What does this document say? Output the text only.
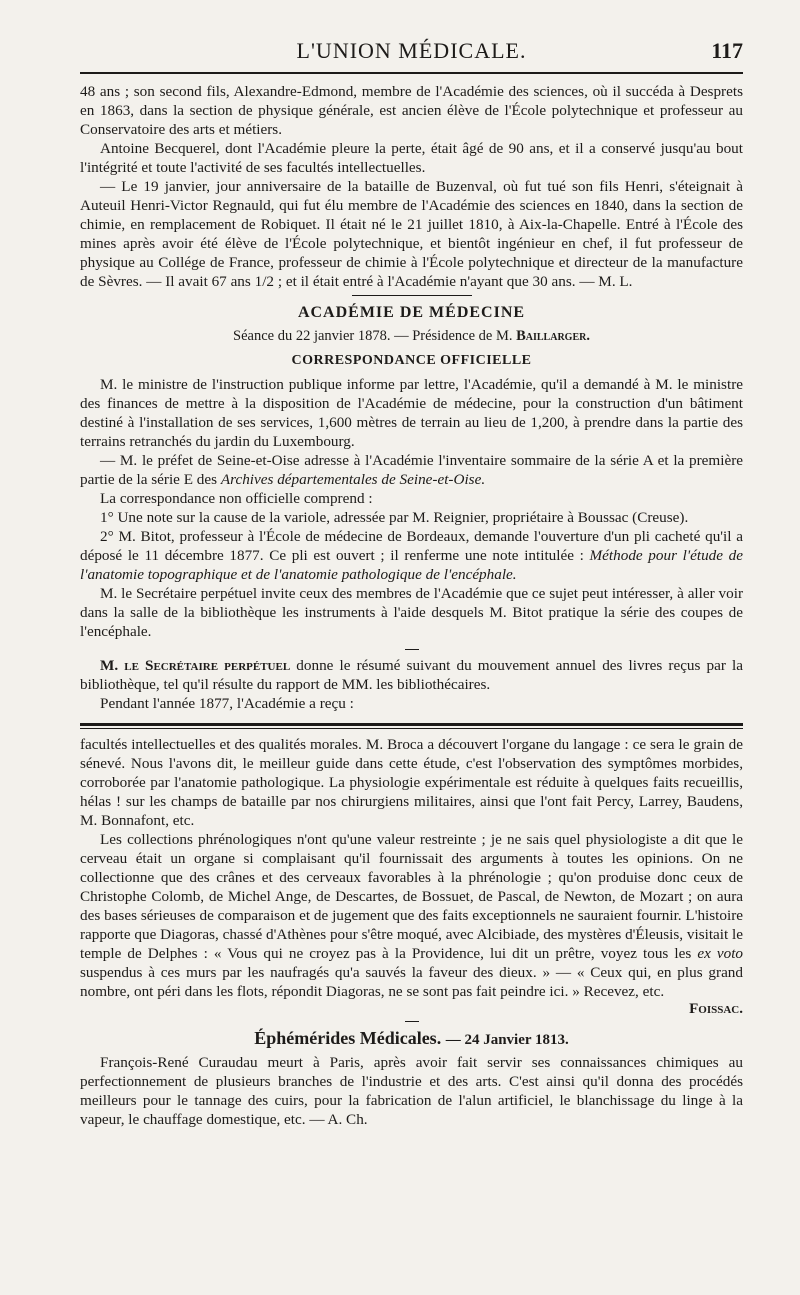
L'UNION MÉDICALE.	117

48 ans ; son second fils, Alexandre-Edmond, membre de l'Académie des sciences, où il succéda à Desprets en 1863, dans la section de physique générale, est ancien élève de l'École polytechnique et professeur au Conservatoire des arts et métiers.

Antoine Becquerel, dont l'Académie pleure la perte, était âgé de 90 ans, et il a conservé jusqu'au bout l'intégrité et toute l'activité de ses facultés intellectuelles.

— Le 19 janvier, jour anniversaire de la bataille de Buzenval, où fut tué son fils Henri, s'éteignait à Auteuil Henri-Victor Regnauld, qui fut élu membre de l'Académie des sciences en 1840, dans la section de chimie, en remplacement de Robiquet. Il était né le 21 juillet 1810, à Aix-la-Chapelle. Entré à l'École des mines après avoir été élève de l'École polytechnique, et bientôt ingénieur en chef, il fut professeur de physique au Collége de France, professeur de chimie à l'École polytechnique et directeur de la manufacture de Sèvres. — Il avait 67 ans 1/2 ; et il était entré à l'Académie n'ayant que 30 ans. — M. L.

ACADÉMIE DE MÉDECINE
Séance du 22 janvier 1878. — Présidence de M. Baillarger.
CORRESPONDANCE OFFICIELLE

M. le ministre de l'instruction publique informe par lettre, l'Académie, qu'il a demandé à M. le ministre des finances de mettre à la disposition de l'Académie de médecine, pour la construction d'un bâtiment destiné à l'installation de ses services, 1,600 mètres de terrain au lieu de 1,200, à prendre dans la partie des terrains retranchés du jardin du Luxembourg.

— M. le préfet de Seine-et-Oise adresse à l'Académie l'inventaire sommaire de la série A et la première partie de la série E des Archives départementales de Seine-et-Oise.

La correspondance non officielle comprend :

1° Une note sur la cause de la variole, adressée par M. Reignier, propriétaire à Boussac (Creuse).

2° M. Bitot, professeur à l'École de médecine de Bordeaux, demande l'ouverture d'un pli cacheté qu'il a déposé le 11 décembre 1877. Ce pli est ouvert ; il renferme une note intitulée : Méthode pour l'étude de l'anatomie topographique et de l'anatomie pathologique de l'encéphale.

M. le Secrétaire perpétuel invite ceux des membres de l'Académie que ce sujet peut intéresser, à aller voir dans la salle de la bibliothèque les instruments à l'aide desquels M. Bitot pratique la série des coupes de l'encéphale.

M. le Secrétaire perpétuel donne le résumé suivant du mouvement annuel des livres reçus par la bibliothèque, tel qu'il résulte du rapport de MM. les bibliothécaires.

Pendant l'année 1877, l'Académie a reçu :

facultés intellectuelles et des qualités morales. M. Broca a découvert l'organe du langage : ce sera le grain de sénevé. Nous l'avons dit, le meilleur guide dans cette étude, c'est l'observation des symptômes morbides, corroborée par l'anatomie pathologique. La physiologie expérimentale est réduite à quelques faits recueillis, hélas ! sur les champs de bataille par nos chirurgiens militaires, ainsi que l'ont fait Percy, Larrey, Baudens, M. Bonnafont, etc.

Les collections phrénologiques n'ont qu'une valeur restreinte ; je ne sais quel physiologiste a dit que le cerveau était un organe si complaisant qu'il fournissait des arguments à toutes les opinions. On ne collectionne que des crânes et des cerveaux favorables à la phrénologie ; qu'on produise donc ceux de Christophe Colomb, de Michel Ange, de Descartes, de Bossuet, de Pascal, de Newton, de Mozart ; on aura des bases sérieuses de comparaison et de jugement que des faits exceptionnels ne sauraient fournir. L'histoire rapporte que Diagoras, chassé d'Athènes pour s'être moqué, avec Alcibiade, des mystères d'Éleusis, visitait le temple de Delphes : « Vous qui ne croyez pas à la Providence, lui dit un prêtre, voyez tous les ex voto suspendus à ces murs par les naufragés qu'a sauvés la faveur des dieux. » — « Ceux qui, en plus grand nombre, ont péri dans les flots, répondit Diagoras, ne se sont pas fait peindre ici. » Recevez, etc.

Foissac.
Éphémérides Médicales. — 24 Janvier 1813.

François-René Curaudau meurt à Paris, après avoir fait servir ses connaissances chimiques au perfectionnement de plusieurs branches de l'industrie et des arts. C'est ainsi qu'il donna des procédés meilleurs pour le tannage des cuirs, pour la fabrication de l'alun artificiel, le blanchissage du linge à la vapeur, le chauffage domestique, etc. — A. Ch.
